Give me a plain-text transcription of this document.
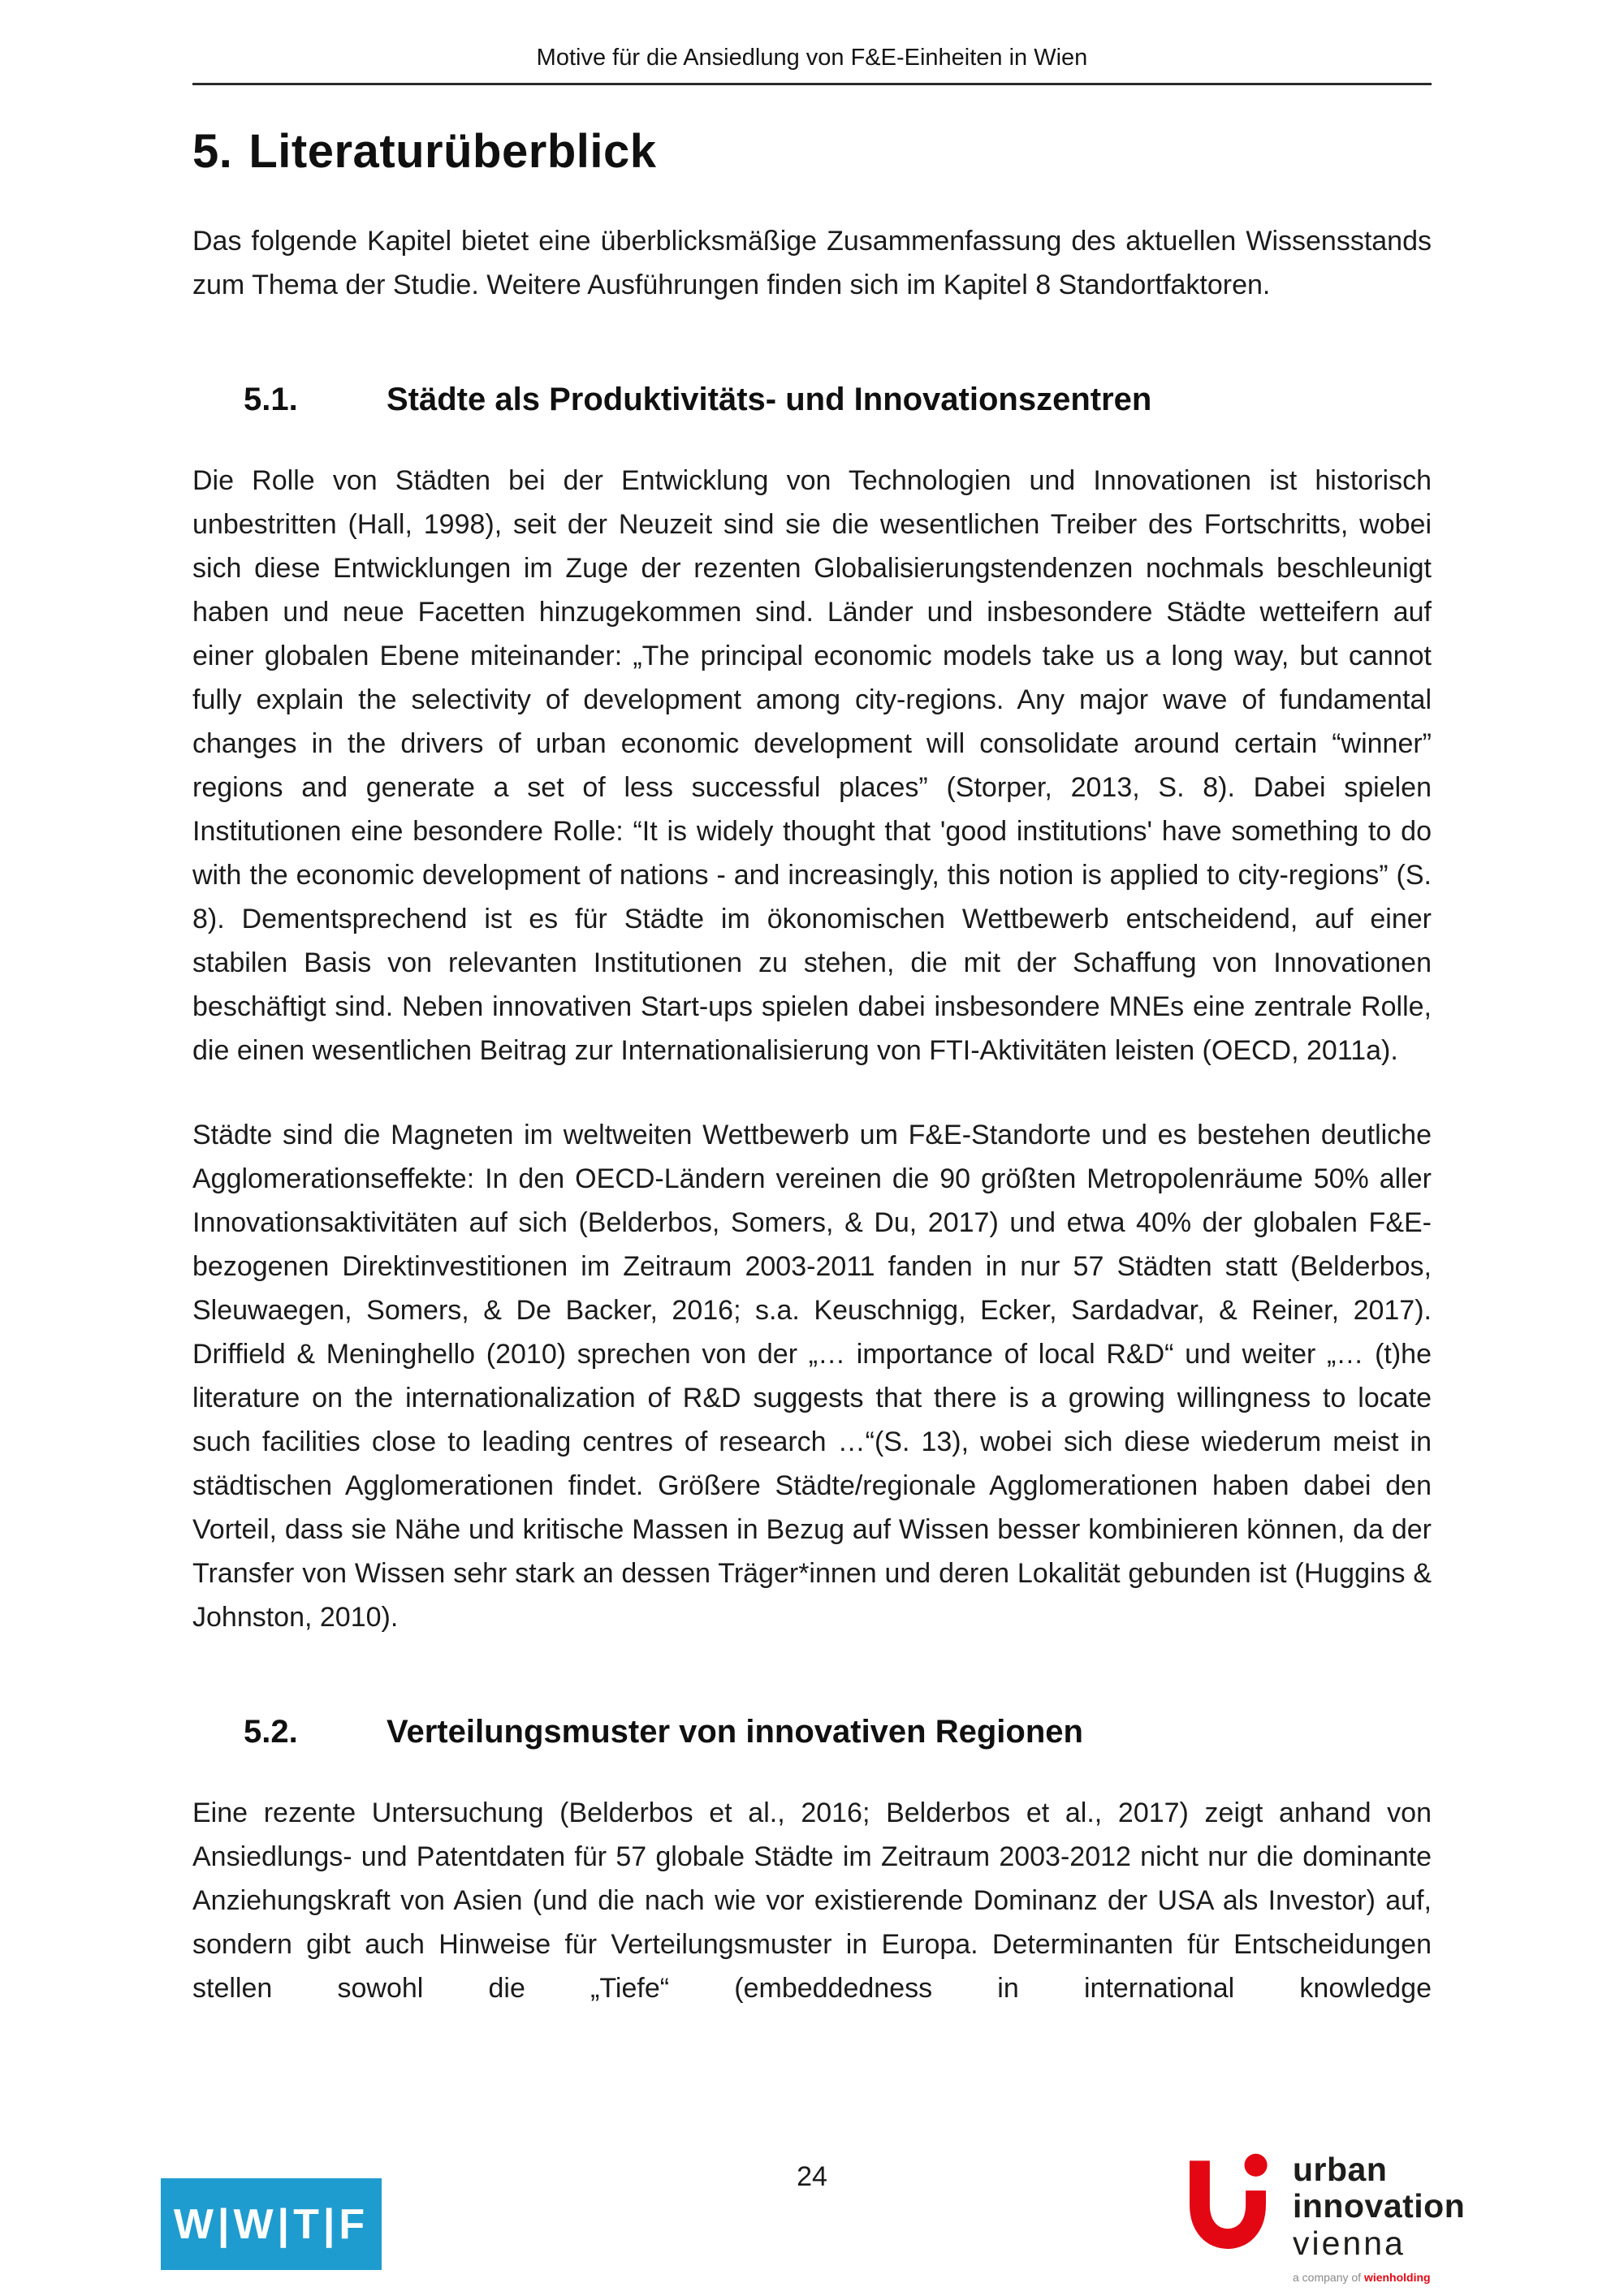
Motive für die Ansiedlung von F&E-Einheiten in Wien
5. Literaturüberblick

Das folgende Kapitel bietet eine überblicksmäßige Zusammenfassung des aktuellen Wissensstands zum Thema der Studie. Weitere Ausführungen finden sich im Kapitel 8 Standortfaktoren.

5.1.	Städte als Produktivitäts- und Innovationszentren

Die Rolle von Städten bei der Entwicklung von Technologien und Innovationen ist historisch unbestritten (Hall, 1998), seit der Neuzeit sind sie die wesentlichen Treiber des Fortschritts, wobei sich diese Entwicklungen im Zuge der rezenten Globalisierungstendenzen nochmals beschleunigt haben und neue Facetten hinzugekommen sind. Länder und insbesondere Städte wetteifern auf einer globalen Ebene miteinander: „The principal economic models take us a long way, but cannot fully explain the selectivity of development among city-regions. Any major wave of fundamental changes in the drivers of urban economic development will consolidate around certain “winner” regions and generate a set of less successful places” (Storper, 2013, S. 8). Dabei spielen Institutionen eine besondere Rolle: “It is widely thought that 'good institutions' have something to do with the economic development of nations - and increasingly, this notion is applied to city-regions” (S. 8). Dementsprechend ist es für Städte im ökonomischen Wettbewerb entscheidend, auf einer stabilen Basis von relevanten Institutionen zu stehen, die mit der Schaffung von Innovationen beschäftigt sind. Neben innovativen Start-ups spielen dabei insbesondere MNEs eine zentrale Rolle, die einen wesentlichen Beitrag zur Internationalisierung von FTI-Aktivitäten leisten (OECD, 2011a).

Städte sind die Magneten im weltweiten Wettbewerb um F&E-Standorte und es bestehen deutliche Agglomerationseffekte: In den OECD-Ländern vereinen die 90 größten Metropolenräume 50% aller Innovationsaktivitäten auf sich (Belderbos, Somers, & Du, 2017) und etwa 40% der globalen F&E-bezogenen Direktinvestitionen im Zeitraum 2003-2011 fanden in nur 57 Städten statt (Belderbos, Sleuwaegen, Somers, & De Backer, 2016; s.a. Keuschnigg, Ecker, Sardadvar, & Reiner, 2017). Driffield & Meninghello (2010) sprechen von der „… importance of local R&D“ und weiter „… (t)he literature on the internationalization of R&D suggests that there is a growing willingness to locate such facilities close to leading centres of research …“(S. 13), wobei sich diese wiederum meist in städtischen Agglomerationen findet. Größere Städte/regionale Agglomerationen haben dabei den Vorteil, dass sie Nähe und kritische Massen in Bezug auf Wissen besser kombinieren können, da der Transfer von Wissen sehr stark an dessen Träger*innen und deren Lokalität gebunden ist (Huggins & Johnston, 2010).

5.2.	Verteilungsmuster von innovativen Regionen

Eine rezente Untersuchung (Belderbos et al., 2016; Belderbos et al., 2017) zeigt anhand von Ansiedlungs- und Patentdaten für 57 globale Städte im Zeitraum 2003-2012 nicht nur die dominante Anziehungskraft von Asien (und die nach wie vor existierende Dominanz der USA als Investor) auf, sondern gibt auch Hinweise für Verteilungsmuster in Europa. Determinanten für Entscheidungen stellen sowohl die „Tiefe“ (embeddedness in international knowledge

24
W|W|T|F
urban
innovation
vienna
a company of wienholding
